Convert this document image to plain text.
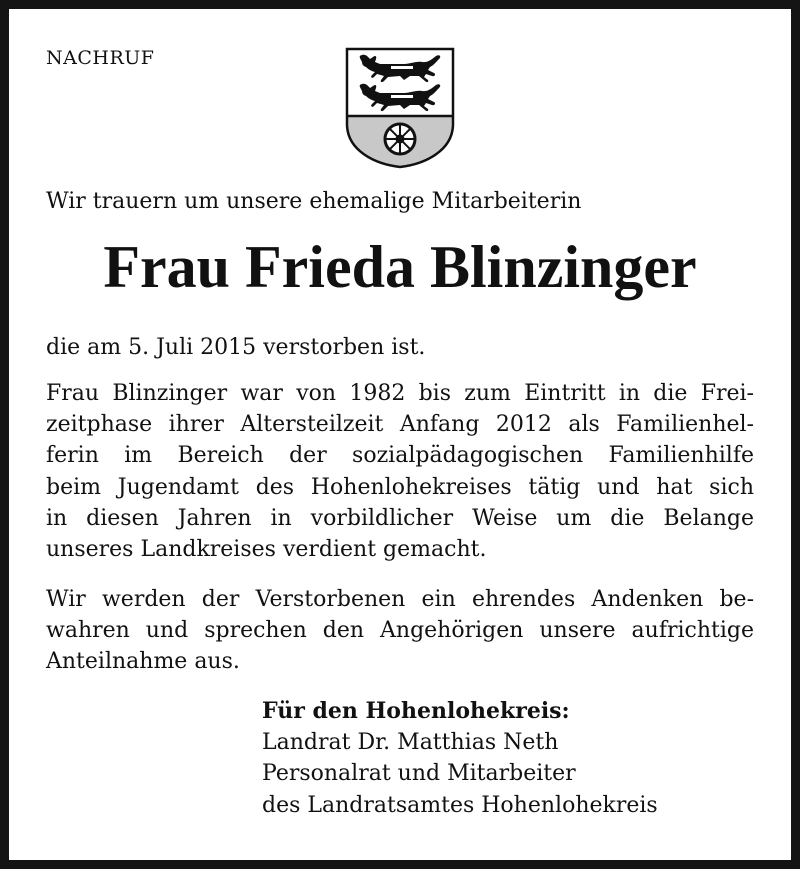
NACHRUF

Wir trauern um unsere ehemalige Mitarbeiterin

Frau Frieda Blinzinger

die am 5. Juli 2015 verstorben ist.

Frau Blinzinger war von 1982 bis zum Eintritt in die Frei-
zeitphase ihrer Altersteilzeit Anfang 2012 als Familienhel-
ferin im Bereich der sozialpädagogischen Familienhilfe
beim Jugendamt des Hohenlohekreises tätig und hat sich
in diesen Jahren in vorbildlicher Weise um die Belange
unseres Landkreises verdient gemacht.
Wir werden der Verstorbenen ein ehrendes Andenken be-
wahren und sprechen den Angehörigen unsere aufrichtige
Anteilnahme aus.
Für den Hohenlohekreis:
Landrat Dr. Matthias Neth
Personalrat und Mitarbeiter
des Landratsamtes Hohenlohekreis
